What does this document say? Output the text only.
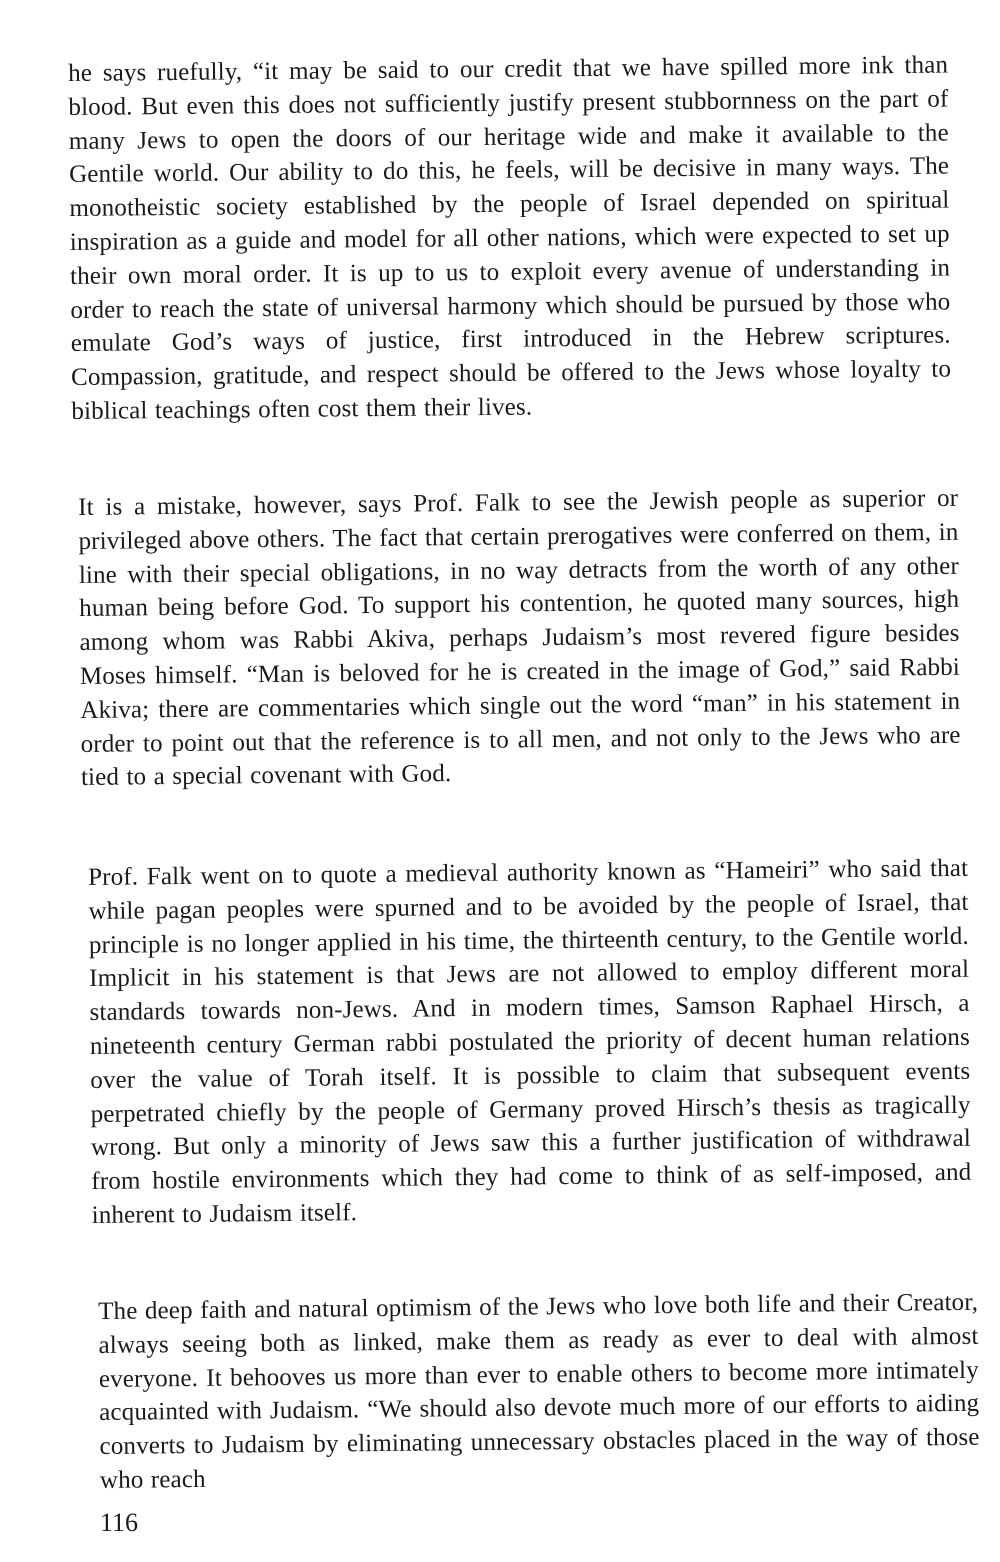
he says ruefully, “it may be said to our credit that we have spilled more ink than blood. But even this does not sufficiently justify present stubbornness on the part of many Jews to open the doors of our heritage wide and make it available to the Gentile world. Our ability to do this, he feels, will be decisive in many ways. The monotheistic society established by the people of Israel depended on spiritual inspiration as a guide and model for all other nations, which were expected to set up their own moral order. It is up to us to exploit every avenue of understanding in order to reach the state of universal harmony which should be pursued by those who emulate God’s ways of justice, first introduced in the Hebrew scriptures. Compassion, gratitude, and respect should be offered to the Jews whose loyalty to biblical teachings often cost them their lives.

It is a mistake, however, says Prof. Falk to see the Jewish people as superior or privileged above others. The fact that certain prerogatives were conferred on them, in line with their special obligations, in no way detracts from the worth of any other human being before God. To support his contention, he quoted many sources, high among whom was Rabbi Akiva, perhaps Judaism’s most revered figure besides Moses himself. “Man is beloved for he is created in the image of God,” said Rabbi Akiva; there are commentaries which single out the word “man” in his statement in order to point out that the reference is to all men, and not only to the Jews who are tied to a special covenant with God.

Prof. Falk went on to quote a medieval authority known as “Hameiri” who said that while pagan peoples were spurned and to be avoided by the people of Israel, that principle is no longer applied in his time, the thirteenth century, to the Gentile world. Implicit in his statement is that Jews are not allowed to employ different moral standards towards non-Jews. And in modern times, Samson Raphael Hirsch, a nineteenth century German rabbi postulated the priority of decent human relations over the value of Torah itself. It is possible to claim that subsequent events perpetrated chiefly by the people of Germany proved Hirsch’s thesis as tragically wrong. But only a minority of Jews saw this a further justification of withdrawal from hostile environments which they had come to think of as self-imposed, and inherent to Judaism itself.

The deep faith and natural optimism of the Jews who love both life and their Creator, always seeing both as linked, make them as ready as ever to deal with almost everyone. It behooves us more than ever to enable others to become more intimately acquainted with Judaism. “We should also devote much more of our efforts to aiding converts to Judaism by eliminating unnecessary obstacles placed in the way of those who reach

116
